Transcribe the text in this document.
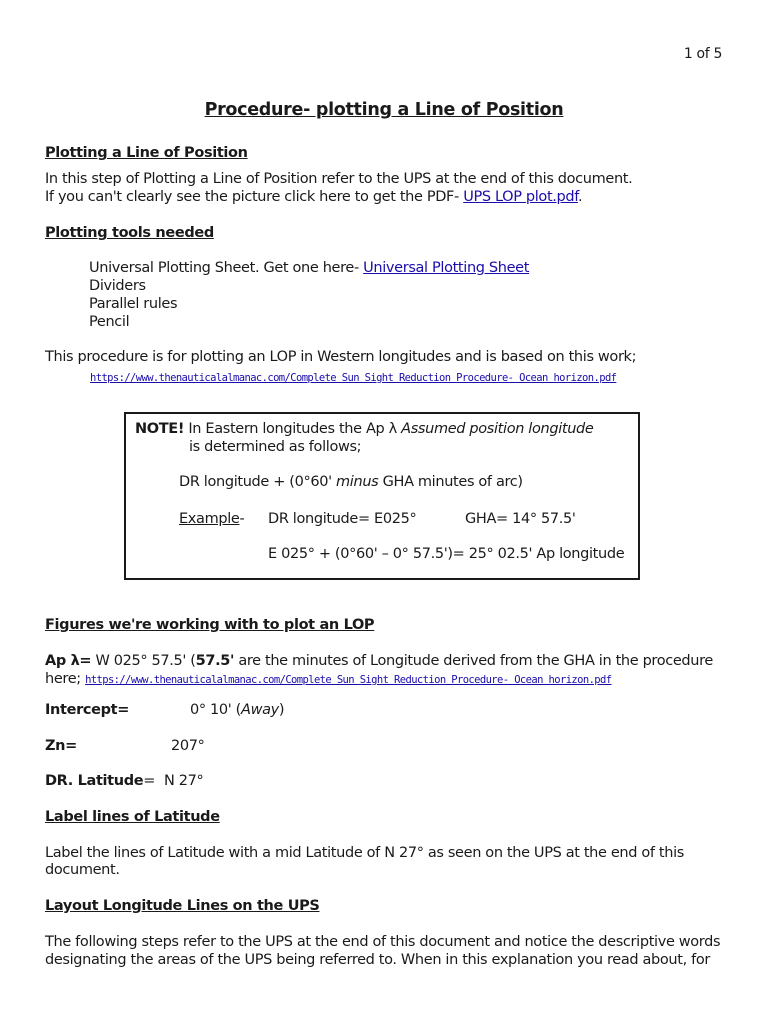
1 of 5
Procedure- plotting a Line of Position
Plotting a Line of Position
In this step of Plotting a Line of Position refer to the UPS at the end of this document.
If you can't clearly see the picture click here to get the PDF- UPS LOP plot.pdf.
Plotting tools needed
Universal Plotting Sheet. Get one here- Universal Plotting Sheet
Dividers
Parallel rules
Pencil
This procedure is for plotting an LOP in Western longitudes and is based on this work;
https://www.thenauticalalmanac.com/Complete Sun Sight Reduction Procedure- Ocean horizon.pdf
NOTE! In Eastern longitudes the Ap λ Assumed position longitude
is determined as follows;
DR longitude + (0°60' minus GHA minutes of arc)
Example- DR longitude= E025°	GHA= 14° 57.5'
E 025° + (0°60' – 0° 57.5')= 25° 02.5' Ap longitude
Figures we're working with to plot an LOP
Ap λ= W 025° 57.5' (57.5' are the minutes of Longitude derived from the GHA in the procedure
here; https://www.thenauticalalmanac.com/Complete Sun Sight Reduction Procedure- Ocean horizon.pdf
Intercept=	0° 10' (Away)
Zn=	207°
DR. Latitude= N 27°
Label lines of Latitude
Label the lines of Latitude with a mid Latitude of N 27° as seen on the UPS at the end of this
document.
Layout Longitude Lines on the UPS
The following steps refer to the UPS at the end of this document and notice the descriptive words
designating the areas of the UPS being referred to. When in this explanation you read about, for
